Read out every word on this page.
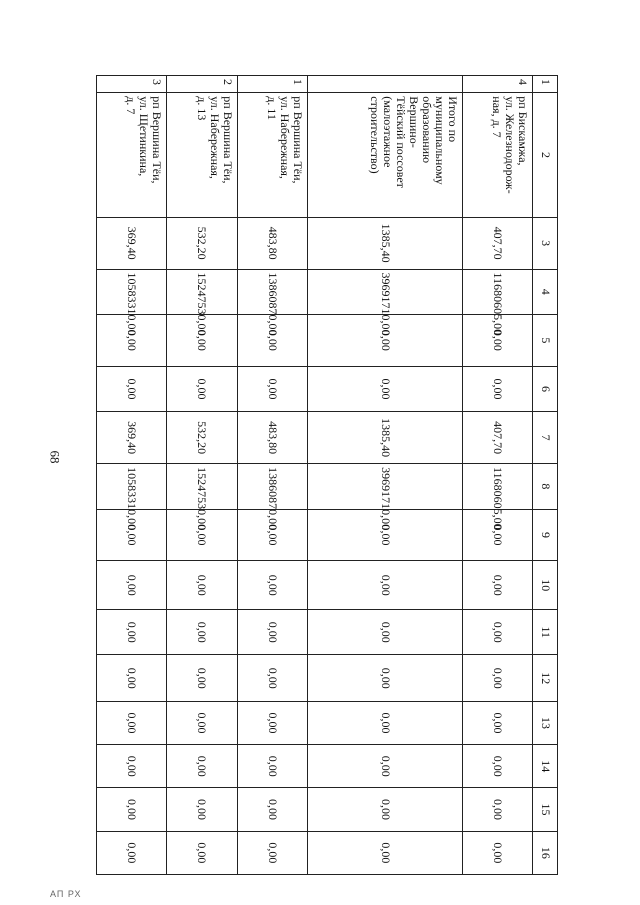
68
1	2	3	4	5	6	7	8	9	10	11	12	13	14	15	16
4	рп Бискамжа,
ул. Железнодорож-
ная, д. 7	407,70	11680605,00	0,00	0,00	407,70	11680605,00	0,00	0,00	0,00	0,00	0,00	0,00	0,00	0,00
	Итого по муниципальному
образованию Вершино-
Тёйский поссовет
(малоэтажное
строительство)	1385,40	39691710,00	0,00	0,00	1385,40	39691710,00	0,00	0,00	0,00	0,00	0,00	0,00	0,00	0,00
1	рп Вершина Тёи,
ул. Набережная,
д. 11	483,80	13860870,00	0,00	0,00	483,80	13860870,00	0,00	0,00	0,00	0,00	0,00	0,00	0,00	0,00
2	рп Вершина Тёи,
ул. Набережная,
д. 13	532,20	15247530,00	0,00	0,00	532,20	15247530,00	0,00	0,00	0,00	0,00	0,00	0,00	0,00	0,00
3	рп Вершина Тёи,
ул. Щетинкина,
д. 7	369,40	10583310,00	0,00	0,00	369,40	10583310,00	0,00	0,00	0,00	0,00	0,00	0,00	0,00	0,00
АП РХ
